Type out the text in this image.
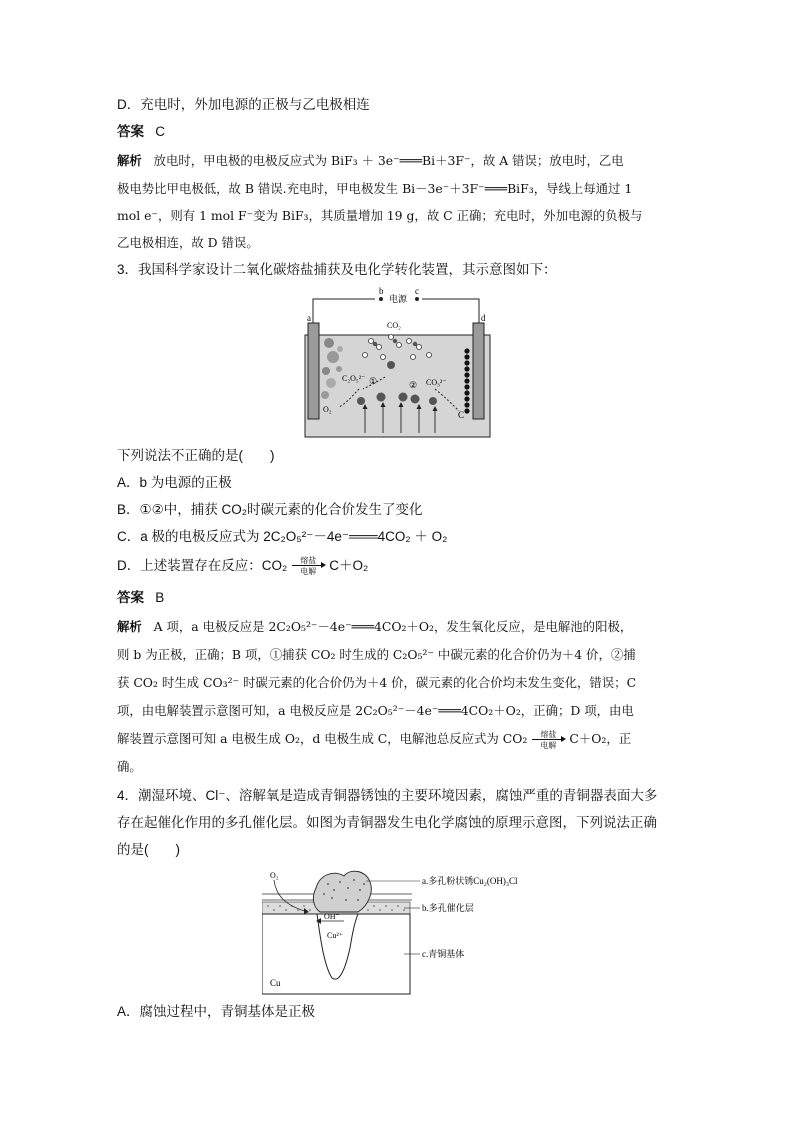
D．充电时，外加电源的正极与乙电极相连
答案 C
解析 放电时，甲电极的电极反应式为 BiF₃ ＋ 3e⁻═══Bi＋3F⁻，故 A 错误；放电时，乙电
极电势比甲电极低，故 B 错误.充电时，甲电极发生 Bi－3e⁻＋3F⁻═══BiF₃，导线上每通过 1
mol e⁻，则有 1 mol F⁻变为 BiF₃，其质量增加 19 g，故 C 正确；充电时，外加电源的负极与
乙电极相连，故 D 错误。
3．我国科学家设计二氧化碳熔盐捕获及电化学转化装置，其示意图如下：
b	c
电源
a	d
CO₂
C₂O₅²⁻	CO₃²⁻
O₂
C
①	②
下列说法不正确的是(　　)
A．b 为电源的正极
B．①②中，捕获 CO₂时碳元素的化合价发生了变化
C．a 极的电极反应式为 2C₂O₅²⁻－4e⁻═══4CO₂ ＋ O₂
D．上述装置存在反应：CO₂	熔盐
电解 C＋O₂
答案 B
解析 A 项，a 电极反应是 2C₂O₅²⁻－4e⁻═══4CO₂＋O₂，发生氧化反应，是电解池的阳极，
则 b 为正极，正确；B 项，①捕获 CO₂ 时生成的 C₂O₅²⁻ 中碳元素的化合价仍为＋4 价，②捕
获 CO₂ 时生成 CO₃²⁻ 时碳元素的化合价仍为＋4 价，碳元素的化合价均未发生变化，错误；C
项，由电解装置示意图可知，a 电极反应是 2C₂O₅²⁻－4e⁻═══4CO₂＋O₂，正确；D 项，由电
解装置示意图可知 a 电极生成 O₂，d 电极生成 C，电解池总反应式为 CO₂	熔盐
电解	C＋O₂，正
确。
4．潮湿环境、Cl⁻、溶解氧是造成青铜器锈蚀的主要环境因素，腐蚀严重的青铜器表面大多
存在起催化作用的多孔催化层。如图为青铜器发生电化学腐蚀的原理示意图，下列说法正确
的是(　　)
O₂
OH⁻
Cu²⁺
Cu
a.多孔粉状锈Cu₂(OH)₃Cl
b.多孔催化层
c.青铜基体
A．腐蚀过程中，青铜基体是正极
